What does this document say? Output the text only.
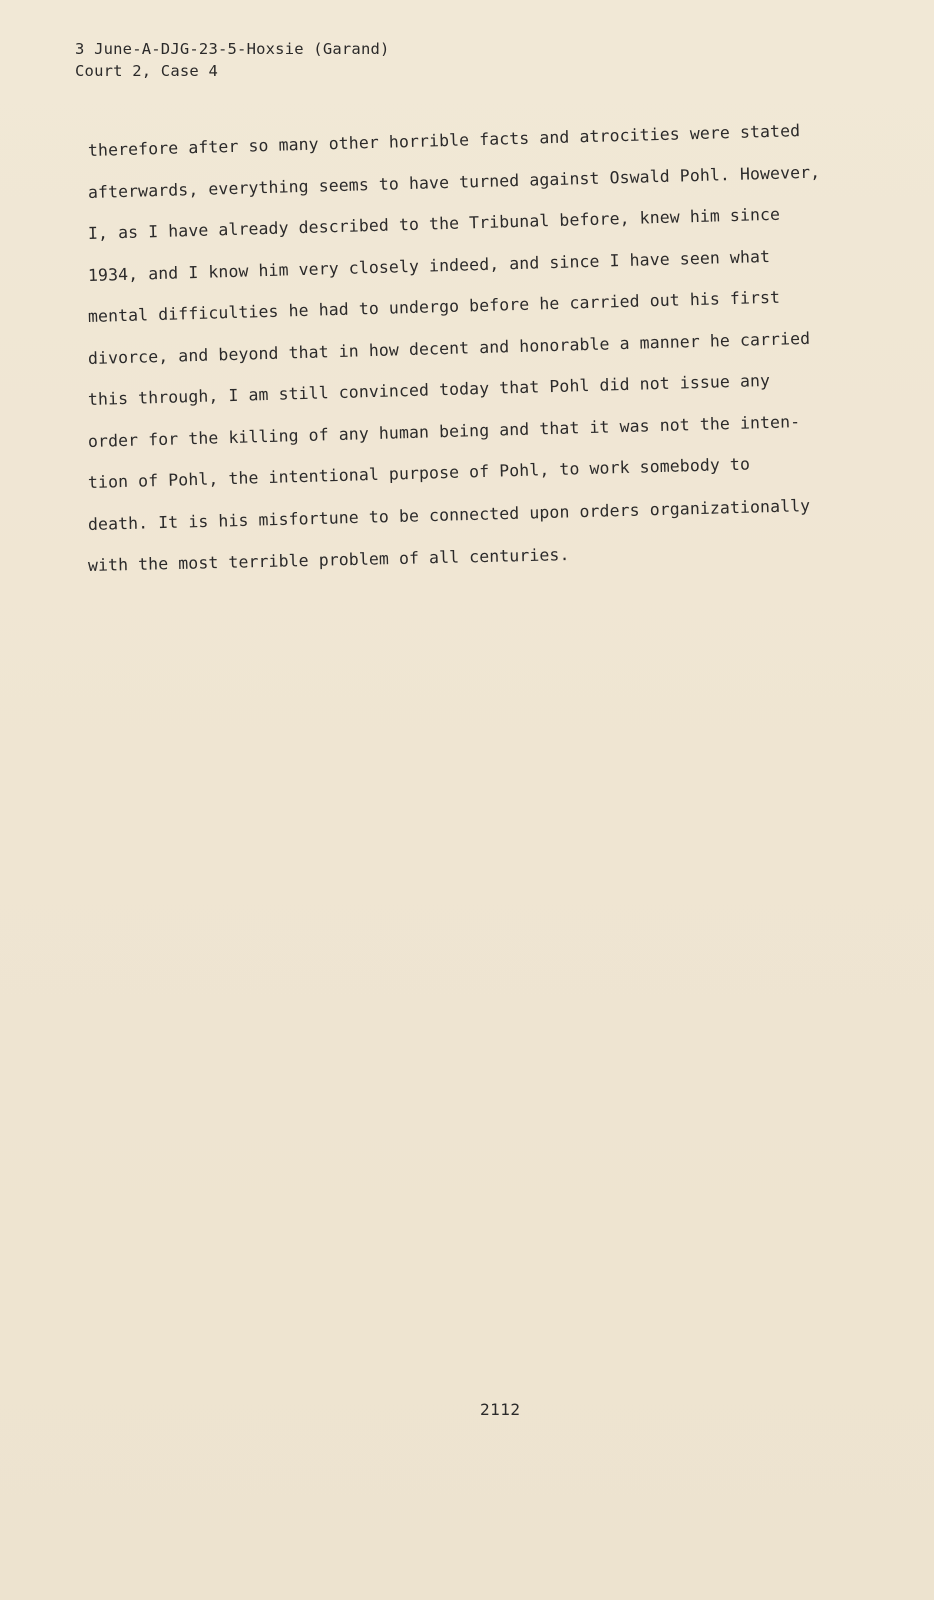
3 June-A-DJG-23-5-Hoxsie (Garand)
Court 2, Case 4
therefore after so many other horrible facts and atrocities were stated
afterwards, everything seems to have turned against Oswald Pohl. However,
I, as I have already described to the Tribunal before, knew him since
1934, and I know him very closely indeed, and since I have seen what
mental difficulties he had to undergo before he carried out his first
divorce, and beyond that in how decent and honorable a manner he carried
this through, I am still convinced today that Pohl did not issue any
order for the killing of any human being and that it was not the inten-
tion of Pohl, the intentional purpose of Pohl, to work somebody to
death. It is his misfortune to be connected upon orders organizationally
with the most terrible problem of all centuries.
2112
